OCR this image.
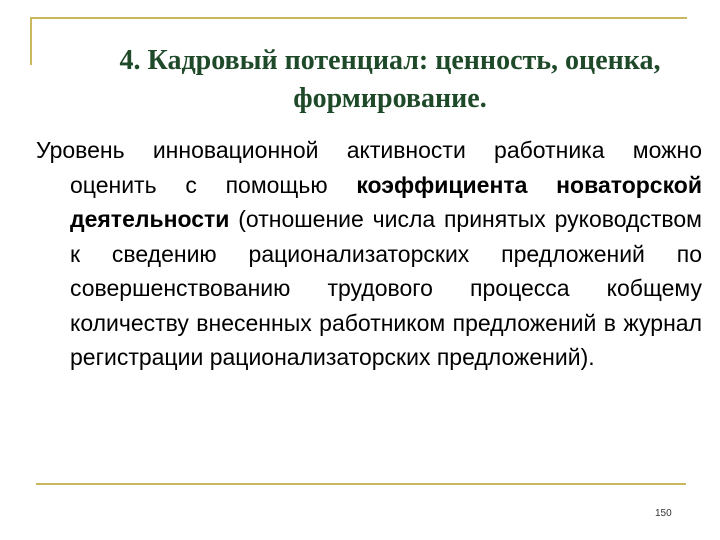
4. Кадровый потенциал: ценность, оценка,
формирование.

Уровень инновационной активности работника можно оценить с помощью коэффициента новаторской деятельности (отношение числа принятых руководством к сведению рационализаторских предложений по совершенствованию трудового процесса кобщему количеству внесенных работником предложений в журнал регистрации рационализаторских предложений).

150
